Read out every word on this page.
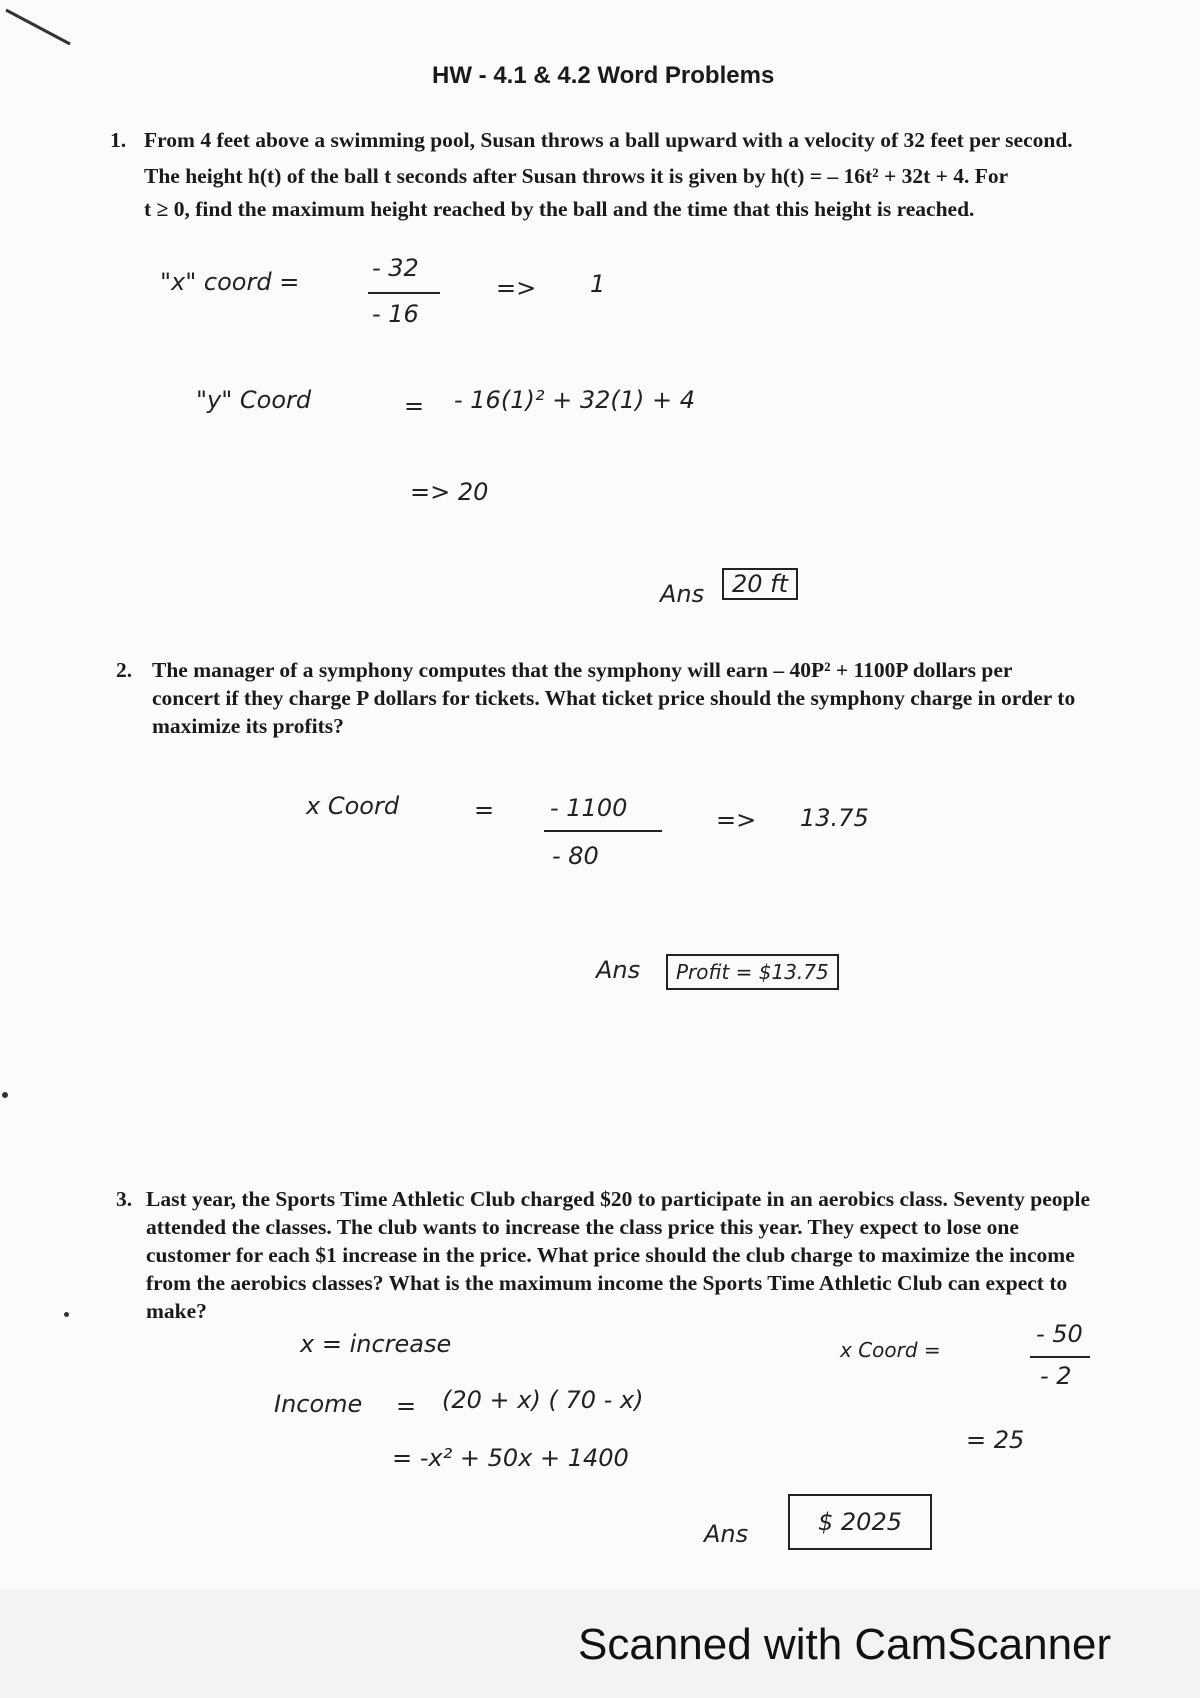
HW - 4.1 & 4.2 Word Problems
1. From 4 feet above a swimming pool, Susan throws a ball upward with a velocity of 32 feet per second.
The height h(t) of the ball t seconds after Susan throws it is given by h(t) = – 16t² + 32t + 4. For
t ≥ 0, find the maximum height reached by the ball and the time that this height is reached.
"x" coord =	- 32
- 16
=> 1
"y" Coord	= - 16(1)² + 32(1) + 4
=> 20
Ans	20 ft
2. The manager of a symphony computes that the symphony will earn – 40P² + 1100P dollars per
concert if they charge P dollars for tickets. What ticket price should the symphony charge in order to
maximize its profits?
x Coord	= - 1100
- 80
=> 13.75
Ans	Profit = $13.75
3. Last year, the Sports Time Athletic Club charged $20 to participate in an aerobics class. Seventy people
attended the classes. The club wants to increase the class price this year. They expect to lose one
customer for each $1 increase in the price. What price should the club charge to maximize the income
from the aerobics classes? What is the maximum income the Sports Time Athletic Club can expect to
make?
x = increase
Income = (20 + x) ( 70 - x)
= -x² + 50x + 1400
x Coord =
- 50
- 2
= 25
Ans	$ 2025
Scanned with CamScanner
